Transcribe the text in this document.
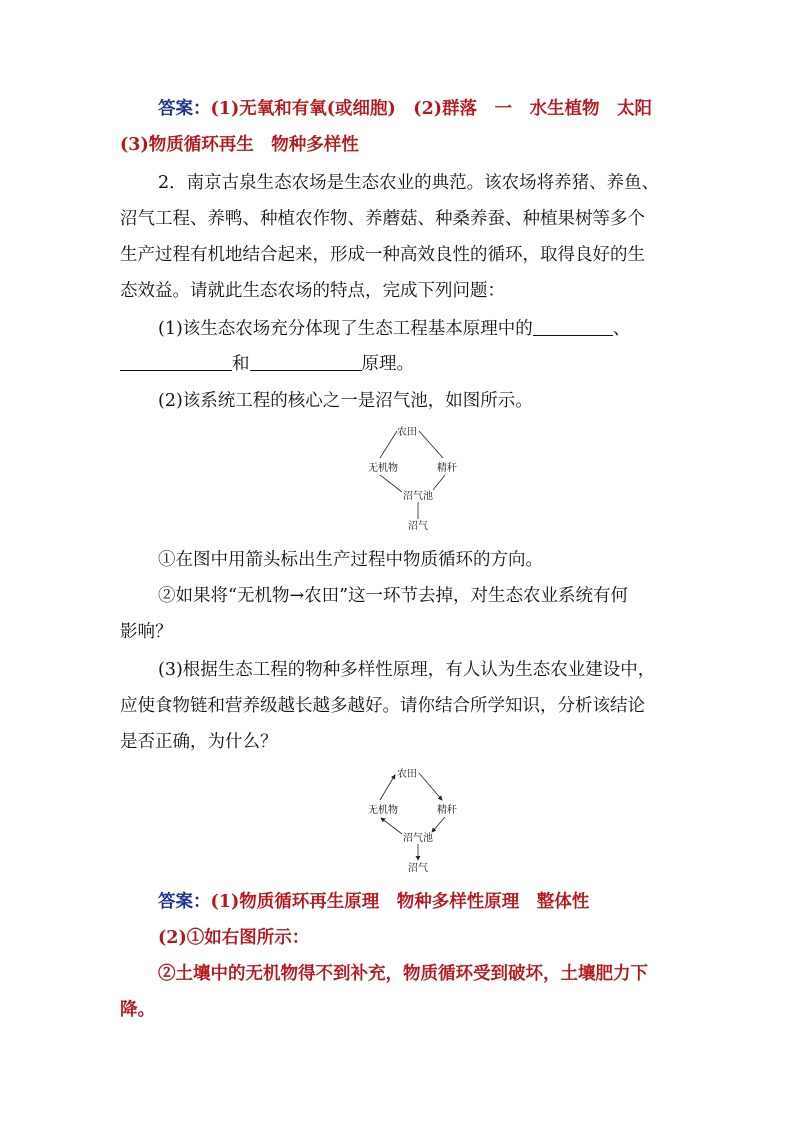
答案：(1)无氧和有氧(或细胞)　(2)群落　一　水生植物　太阳
(3)物质循环再生　物种多样性
2．南京古泉生态农场是生态农业的典范。该农场将养猪、养鱼、
沼气工程、养鸭、种植农作物、养蘑菇、种桑养蚕、种植果树等多个
生产过程有机地结合起来，形成一种高效良性的循环，取得良好的生
态效益。请就此生态农场的特点，完成下列问题：
(1)该生态农场充分体现了生态工程基本原理中的	、
和	原理。
(2)该系统工程的核心之一是沼气池，如图所示。
农田
无机物	精秆
沼气池
沼气
①在图中用箭头标出生产过程中物质循环的方向。
②如果将“无机物→农田”这一环节去掉，对生态农业系统有何
影响？
(3)根据生态工程的物种多样性原理，有人认为生态农业建设中，
应使食物链和营养级越长越多越好。请你结合所学知识，分析该结论
是否正确，为什么？
农田
无机物	精秆
沼气池
沼气
答案：(1)物质循环再生原理　物种多样性原理　整体性
(2)①如右图所示：
②土壤中的无机物得不到补充，物质循环受到破坏，土壤肥力下
降。
